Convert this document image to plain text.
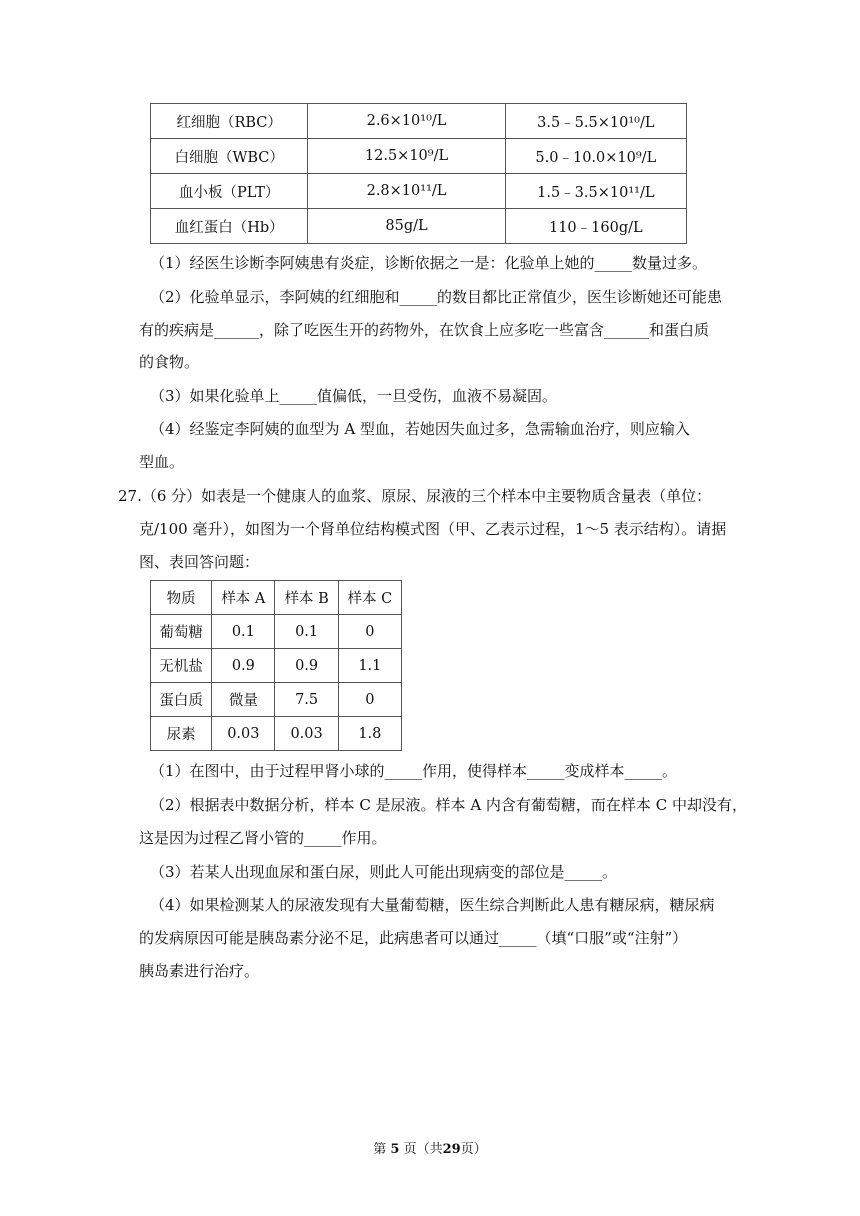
红细胞（RBC）	2.6×10¹⁰/L	3.5﹣5.5×10¹⁰/L
白细胞（WBC）	12.5×10⁹/L	5.0﹣10.0×10⁹/L
血小板（PLT）	2.8×10¹¹/L	1.5﹣3.5×10¹¹/L
血红蛋白（Hb）	85g/L	110﹣160g/L
（1）经医生诊断李阿姨患有炎症，诊断依据之一是：化验单上她的_____数量过多。
（2）化验单显示，李阿姨的红细胞和_____的数目都比正常值少，医生诊断她还可能患
有的疾病是______，除了吃医生开的药物外，在饮食上应多吃一些富含______和蛋白质
的食物。
（3）如果化验单上_____值偏低，一旦受伤，血液不易凝固。
（4）经鉴定李阿姨的血型为 A 型血，若她因失血过多，急需输血治疗，则应输入
型血。
27.（6 分）如表是一个健康人的血浆、原尿、尿液的三个样本中主要物质含量表（单位：
克/100 毫升），如图为一个肾单位结构模式图（甲、乙表示过程，1～5 表示结构）。请据
图、表回答问题：
物质	样本 A	样本 B	样本 C
葡萄糖	0.1	0.1	0
无机盐	0.9	0.9	1.1
蛋白质	微量	7.5	0
尿素	0.03	0.03	1.8
（1）在图中，由于过程甲肾小球的_____作用，使得样本_____变成样本_____。
（2）根据表中数据分析，样本 C 是尿液。样本 A 内含有葡萄糖，而在样本 C 中却没有，
这是因为过程乙肾小管的_____作用。
（3）若某人出现血尿和蛋白尿，则此人可能出现病变的部位是_____。
（4）如果检测某人的尿液发现有大量葡萄糖，医生综合判断此人患有糖尿病，糖尿病
的发病原因可能是胰岛素分泌不足，此病患者可以通过_____（填“口服”或“注射”）
胰岛素进行治疗。
第 5 页（共29页）
